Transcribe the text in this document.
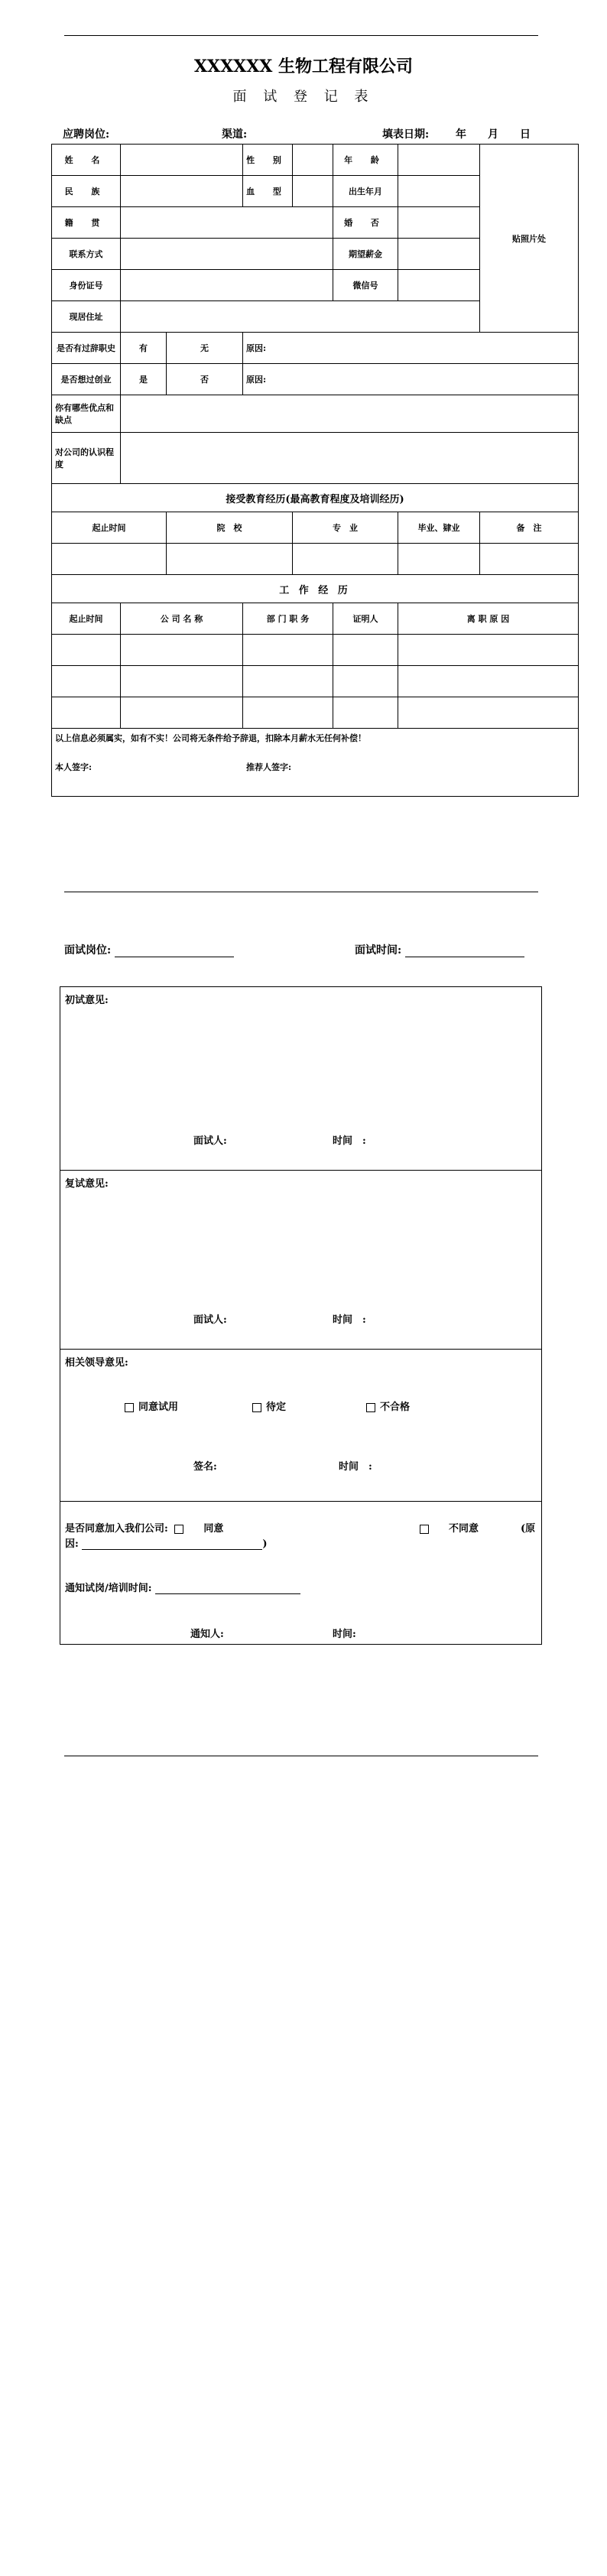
XXXXXX 生物工程有限公司
面 试 登 记 表
应聘岗位:	渠道:	填表日期: 年 月 日
姓 名			性 别		年 龄		贴照片处
民 族			血 型		出生年月		
籍 贯					婚 否		
联系方式					期望薪金		
身份证号					微信号		
现居住址							
是否有过辞职史	有	无	原因:				
是否想过创业	是	否	原因:				
你有哪些优点和缺点							
对公司的认识程度							
接受教育经历(最高教育程度及培训经历)							
起止时间		院　校		专　业		毕业、肄业	备　注

工 作 经 历							
起止时间	公 司 名 称		部 门 职 务		证明人	离 职 原 因	

以上信息必须属实，如有不实！公司将无条件给予辞退，扣除本月薪水无任何补偿！
本人签字: 推荐人签字:							
面试岗位:	面试时间:
初试意见:
面试人:	时间　:
复试意见:
面试人:	时间　:
相关领导意见:
同意试用	待定	不合格
签名:	时间　:
是否同意加入我们公司:	同意	不同意	(原
因:	)
通知试岗/培训时间:
通知人:	时间:
